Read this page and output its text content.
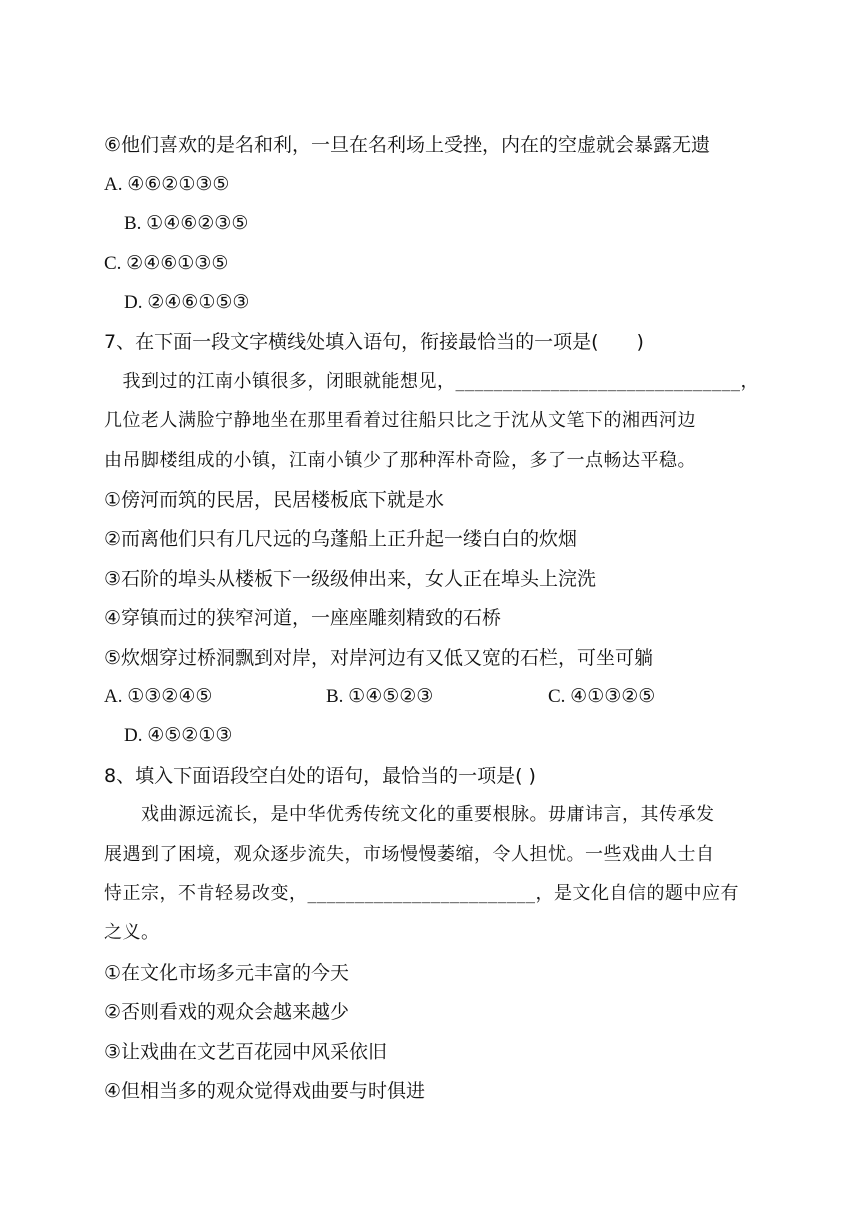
⑥他们喜欢的是名和利，一旦在名利场上受挫，内在的空虚就会暴露无遗
A. ④⑥②①③⑤
B. ①④⑥②③⑤
C. ②④⑥①③⑤
D. ②④⑥①⑤③
7、在下面一段文字横线处填入语句，衔接最恰当的一项是(　　)
　我到过的江南小镇很多，闭眼就能想见，______________________________，
几位老人满脸宁静地坐在那里看着过往船只比之于沈从文笔下的湘西河边
由吊脚楼组成的小镇，江南小镇少了那种浑朴奇险，多了一点畅达平稳。
①傍河而筑的民居，民居楼板底下就是水
②而离他们只有几尺远的乌蓬船上正升起一缕白白的炊烟
③石阶的埠头从楼板下一级级伸出来，女人正在埠头上浣洗
④穿镇而过的狭窄河道，一座座雕刻精致的石桥
⑤炊烟穿过桥洞飘到对岸，对岸河边有又低又宽的石栏，可坐可躺
A. ①③②④⑤	B. ①④⑤②③	C. ④①③②⑤
D. ④⑤②①③
8、填入下面语段空白处的语句，最恰当的一项是( )
　　戏曲源远流长，是中华优秀传统文化的重要根脉。毋庸讳言，其传承发
展遇到了困境，观众逐步流失，市场慢慢萎缩，令人担忧。一些戏曲人士自
恃正宗，不肯轻易改变，________________________，是文化自信的题中应有
之义。
①在文化市场多元丰富的今天
②否则看戏的观众会越来越少
③让戏曲在文艺百花园中风采依旧
④但相当多的观众觉得戏曲要与时俱进
